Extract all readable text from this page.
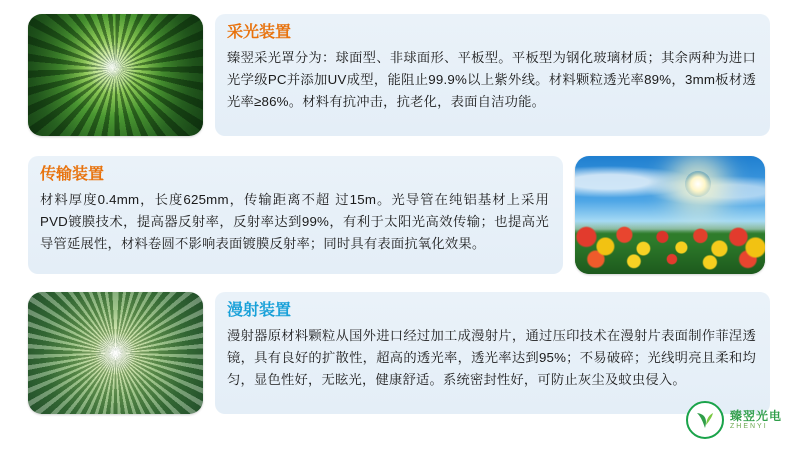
采光装置
臻翌采光罩分为：球面型、非球面形、平板型。平板型为钢化玻璃材质；其余两种为进口光学级PC并添加UV成型，能阻止99.9%以上紫外线。材料颗粒透光率89%，3mm板材透光率≥86%。材料有抗冲击，抗老化，表面自洁功能。
传输装置
材料厚度0.4mm，长度625mm，传输距离不超 过15m。光导管在纯铝基材上采用PVD镀膜技术，提高器反射率，反射率达到99%，有利于太阳光高效传输；也提高光导管延展性，材料卷圆不影响表面镀膜反射率；同时具有表面抗氧化效果。
漫射装置
漫射器原材料颗粒从国外进口经过加工成漫射片，通过压印技术在漫射片表面制作菲涅透镜，具有良好的扩散性，超高的透光率，透光率达到95%；不易破碎；光线明亮且柔和均匀，显色性好，无眩光，健康舒适。系统密封性好，可防止灰尘及蚊虫侵入。
臻翌光电
ZHENYI
